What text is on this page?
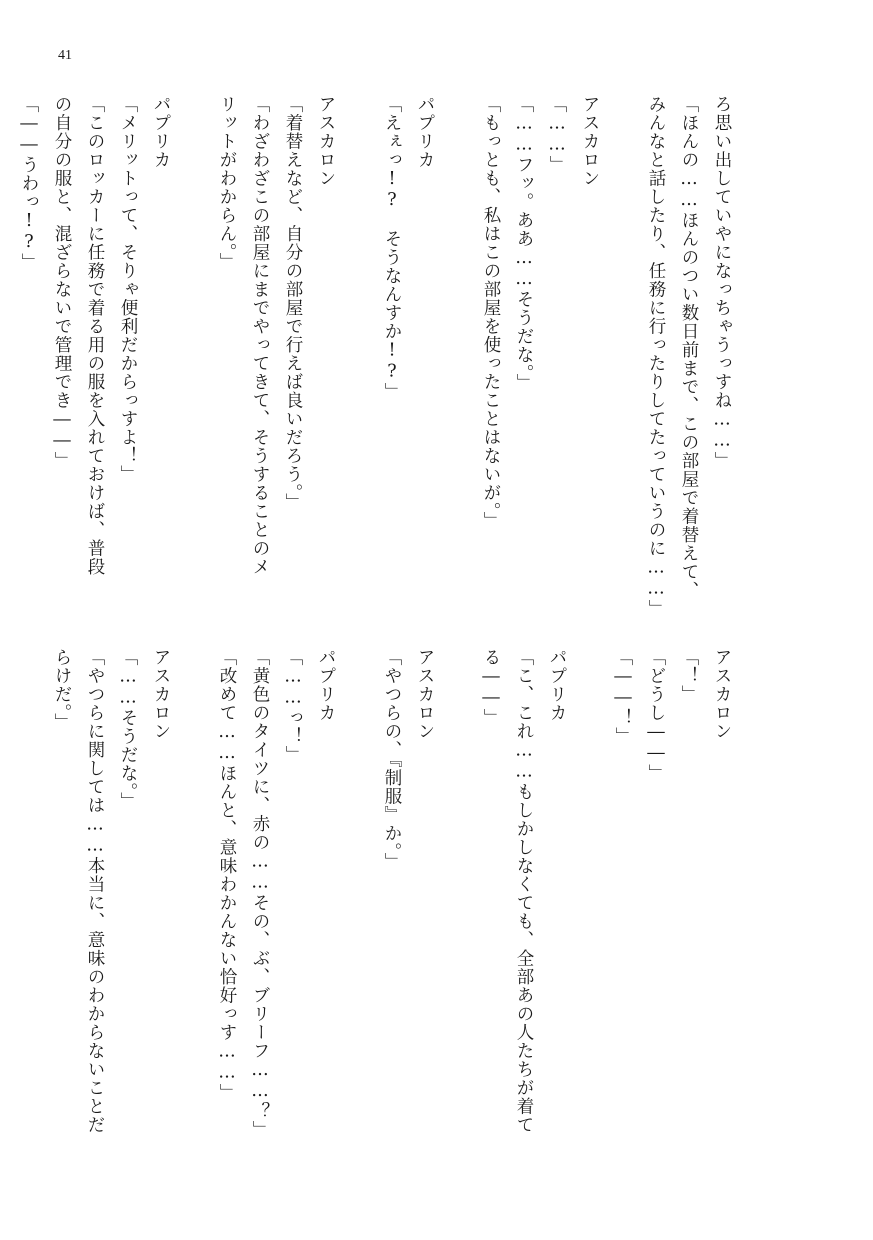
41
ろ思い出していやになっちゃうっすね……」
「ほんの……ほんのつい数日前まで、この部屋で着替えて、
みんなと話したり、任務に行ったりしてたっていうのに……」

アスカロン
「……」
「……フッ。ああ……そうだな。」
「もっとも、私はこの部屋を使ったことはないが。」

パプリカ
「えぇっ!?　そうなんすか!?」

アスカロン
「着替えなど、自分の部屋で行えば良いだろう。」
「わざわざこの部屋にまでやってきて、そうすることのメ
リットがわからん。」

パプリカ
「メリットって、そりゃ便利だからっすよ！」
「このロッカーに任務で着る用の服を入れておけば、普段
の自分の服と、混ざらないで管理でき――」
「――うわっ!?」
アスカロン
「！」
「どうし――」
「――！」

パプリカ
「こ、これ……もしかしなくても、全部あの人たちが着て
る――」

アスカロン
「やつらの、『制服』か。」

パプリカ
「……っ！」
「黄色のタイツに、赤の……その、ぶ、ブリーフ……？」
「改めて……ほんと、意味わかんない恰好っす……」

アスカロン
「……そうだな。」
「やつらに関しては……本当に、意味のわからないことだ
らけだ。」
